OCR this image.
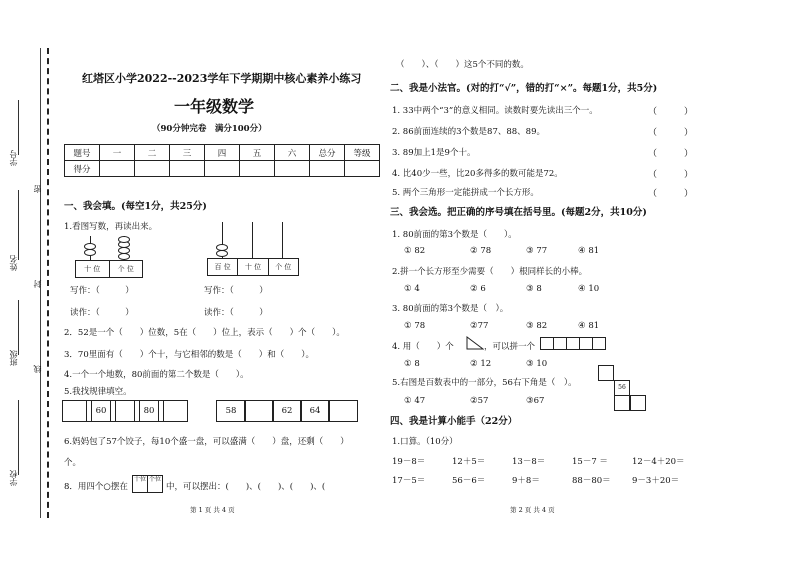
学号
密
姓名
封
班级
线
学校
红塔区小学2022--2023学年下学期期中核心素养小练习
一年级数学
（90分钟完卷　满分100分）
题号	一	二	三	四	五	六	总分	等级
得分								
一、我会填。(每空1分，共25分)
1.看图写数，再读出来。
十 位	个 位	百 位	十 位	个 位
写作：（　　　）	写作：（　　　）
读作：（　　　）	读作：（　　　）
2．52是一个（　　）位数，5在（　　）位上，表示（　　）个（　　）。
3．70里面有（　　）个十，与它相邻的数是（　　）和（　　）。
4.一个一个地数，80前面的第二个数是（　　）。
5.我找规律填空。
60	80	58	62	64
6.妈妈包了57个饺子，每10个盛一盘，可以盛满（　　）盘，还剩（　　）
个。
8．用四个○摆在
十位 个位
中，可以摆出：(　　)、(　　)、(　　)、(
第 1 页 共 4 页
（　　）、（　　）这5个不同的数。
二、我是小法官。(对的打“√”，错的打“×”。每题1分，共5分)
1. 33中两个“3”的意义相同。读数时要先读出三个一。	（　　　）
2. 86前面连续的3个数是87、88、89。	（　　　）
3. 89加上1是9个十。	（　　　）
4. 比40少一些，比20多得多的数可能是72。	（　　　）
5. 两个三角形一定能拼成一个长方形。	（　　　）
三、我会选。把正确的序号填在括号里。(每题2分，共10分)
1. 80前面的第3个数是（　　）。
① 82	② 78	③ 77	④ 81
2.拼一个长方形至少需要（　　）根同样长的小棒。
① 4	② 6	③ 8	④ 10
3. 80前面的第3个数是（　）。
① 78	②77	③ 82	④ 81
4. 用（　　）个	，可以拼一个
① 8	② 12	③ 10
5.右图是百数表中的一部分，56右下角是（　）。	56
① 47	②57	③67
四、我是计算小能手（22分）
1.口算。（10分）
19－8＝	12＋5＝	13－8＝	15－7 ＝	12－4＋20＝
17－5＝	56－6＝	9＋8＝	88－80＝	9－3＋20＝
第 2 页 共 4 页
